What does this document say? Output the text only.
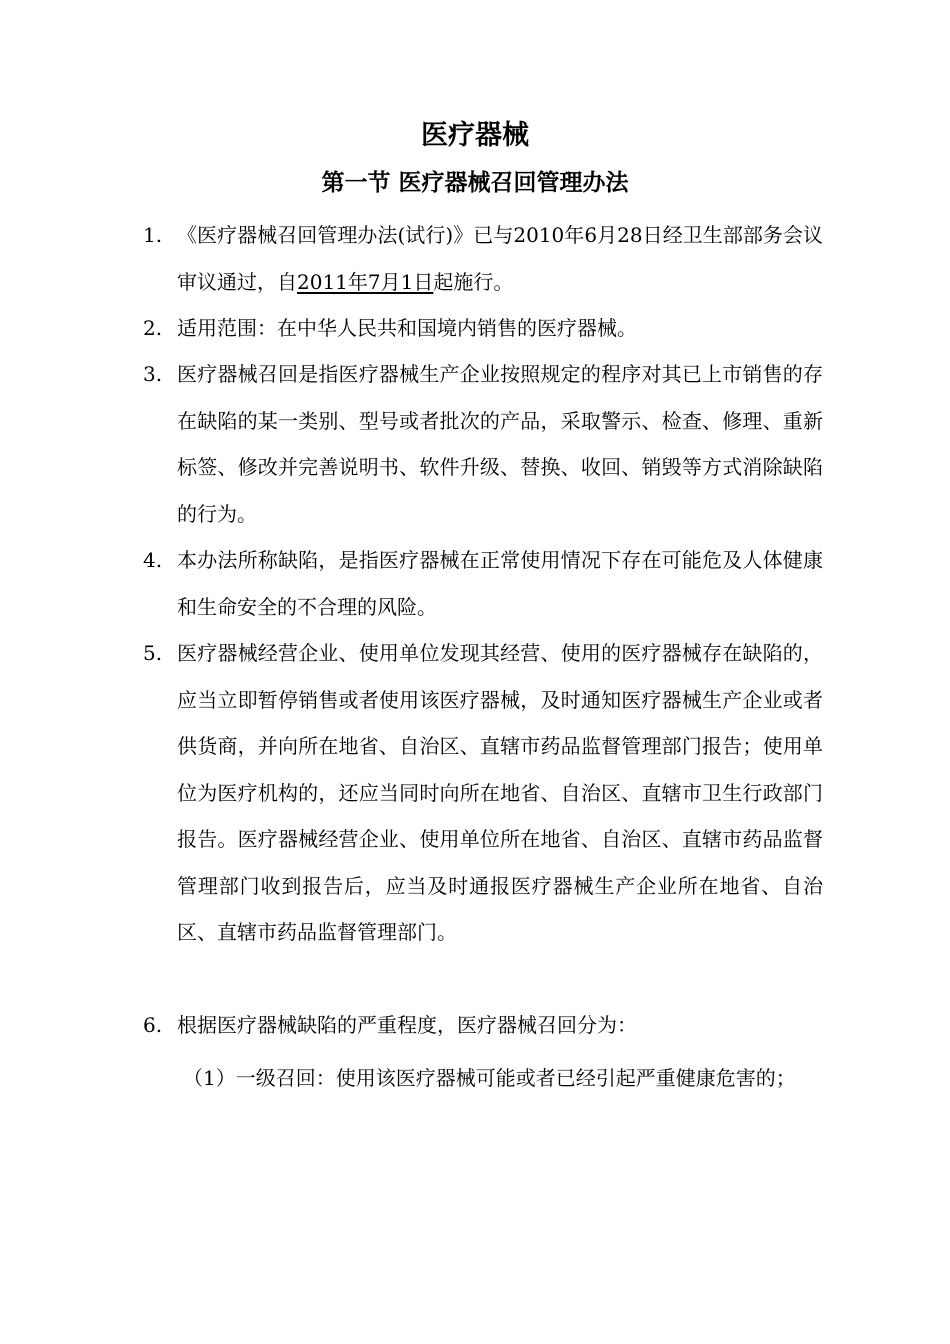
医疗器械
第一节 医疗器械召回管理办法
1. 《医疗器械召回管理办法(试行)》已与2010年6月28日经卫生部部务会议审议通过，自2011年7月1日起施行。
2. 适用范围：在中华人民共和国境内销售的医疗器械。
3. 医疗器械召回是指医疗器械生产企业按照规定的程序对其已上市销售的存在缺陷的某一类别、型号或者批次的产品，采取警示、检查、修理、重新标签、修改并完善说明书、软件升级、替换、收回、销毁等方式消除缺陷的行为。
4. 本办法所称缺陷，是指医疗器械在正常使用情况下存在可能危及人体健康和生命安全的不合理的风险。
5. 医疗器械经营企业、使用单位发现其经营、使用的医疗器械存在缺陷的，应当立即暂停销售或者使用该医疗器械，及时通知医疗器械生产企业或者供货商，并向所在地省、自治区、直辖市药品监督管理部门报告；使用单位为医疗机构的，还应当同时向所在地省、自治区、直辖市卫生行政部门报告。医疗器械经营企业、使用单位所在地省、自治区、直辖市药品监督管理部门收到报告后，应当及时通报医疗器械生产企业所在地省、自治区、直辖市药品监督管理部门。
6. 根据医疗器械缺陷的严重程度，医疗器械召回分为：
（1）一级召回：使用该医疗器械可能或者已经引起严重健康危害的；
